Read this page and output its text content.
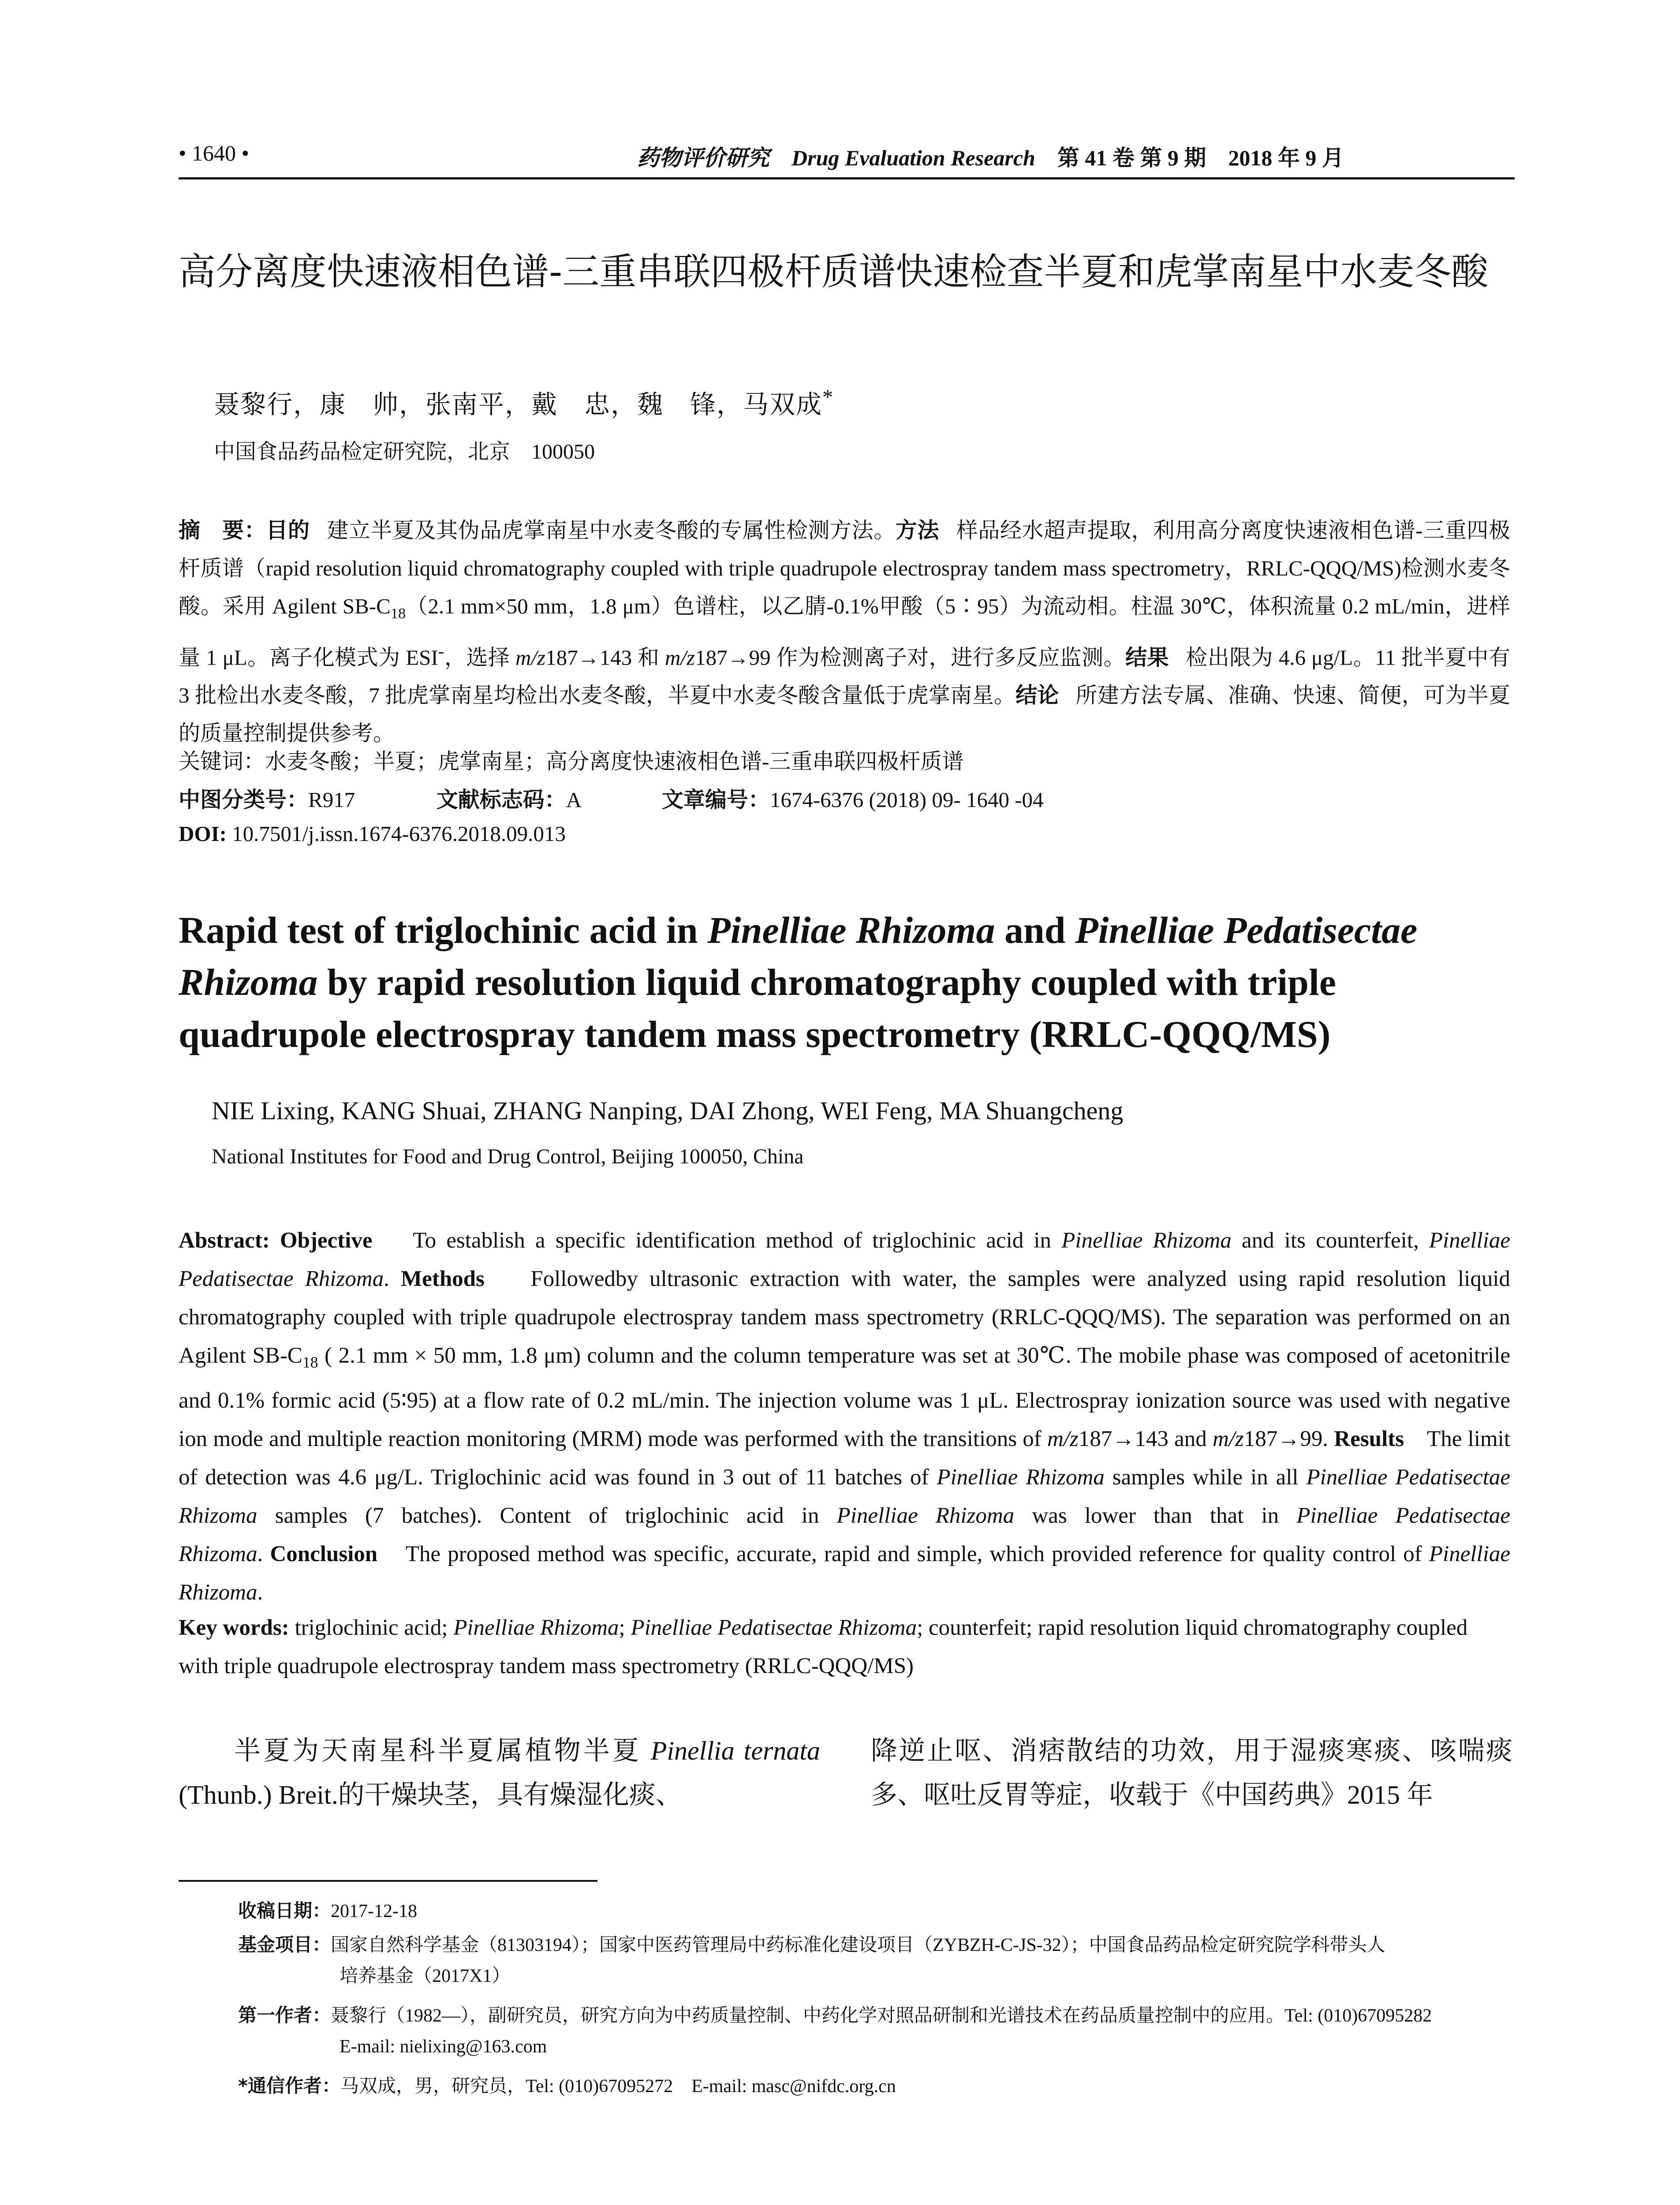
• 1640 •	药物评价研究 Drug Evaluation Research 第 41 卷 第 9 期　2018 年 9 月
高分离度快速液相色谱-三重串联四极杆质谱快速检查半夏和虎掌南星中水麦冬酸
聂黎行，康　帅，张南平，戴　忠，魏　锋，马双成*
中国食品药品检定研究院，北京　100050
摘　要：目的 建立半夏及其伪品虎掌南星中水麦冬酸的专属性检测方法。方法 样品经水超声提取，利用高分离度快速液相色谱-三重四极杆质谱（rapid resolution liquid chromatography coupled with triple quadrupole electrospray tandem mass spectrometry，RRLC-QQQ/MS)检测水麦冬酸。采用 Agilent $SB-C_{18}(2.1$ mm×50 mm，1.8 μm）色谱柱，以乙腈-0.1%甲酸（5∶95）为流动相。柱温 30℃，体积流量 0.2 mL/min，进样量 1 μL。离子化模式为 ESI-，选择 m/z187→143 和 m/z187→99 作为检测离子对，进行多反应监测。结果 检出限为 4.6 μg/L。11 批半夏中有 3 批检出水麦冬酸，7 批虎掌南星均检出水麦冬酸，半夏中水麦冬酸含量低于虎掌南星。结论 所建方法专属、准确、快速、简便，可为半夏的质量控制提供参考。
关键词：水麦冬酸；半夏；虎掌南星；高分离度快速液相色谱-三重串联四极杆质谱
中图分类号：R917	文献标志码：A	文章编号：1674-6376 (2018) 09- 1640 -04
DOI: 10.7501/j.issn.1674-6376.2018.09.013
Rapid test of triglochinic acid in Pinelliae Rhizoma and Pinelliae Pedatisectae Rhizoma by rapid resolution liquid chromatography coupled with triple quadrupole electrospray tandem mass spectrometry (RRLC-QQQ/MS)
NIE Lixing, KANG Shuai, ZHANG Nanping, DAI Zhong, WEI Feng, MA Shuangcheng
National Institutes for Food and Drug Control, Beijing 100050, China
Abstract: Objective To establish a specific identification method of triglochinic acid in Pinelliae Rhizoma and its counterfeit, Pinelliae Pedatisectae Rhizoma. Methods Followedby ultrasonic extraction with water, the samples were analyzed using rapid resolution liquid chromatography coupled with triple quadrupole electrospray tandem mass spectrometry (RRLC-QQQ/MS). The separation was performed on an Agilent $SB-C_{18}$ ( 2.1 mm × 50 mm, 1.8 μm) column and the column temperature was set at 30℃. The mobile phase was composed of acetonitrile and 0.1% formic acid (5∶95) at a flow rate of 0.2 mL/min. The injection volume was 1 μL. Electrospray ionization source was used with negative ion mode and multiple reaction monitoring (MRM) mode was performed with the transitions of m/z187→143 and m/z187→99. Results The limit of detection was 4.6 μg/L. Triglochinic acid was found in 3 out of 11 batches of Pinelliae Rhizoma samples while in all Pinelliae Pedatisectae Rhizoma samples (7 batches). Content of triglochinic acid in Pinelliae Rhizoma was lower than that in Pinelliae Pedatisectae Rhizoma. Conclusion The proposed method was specific, accurate, rapid and simple, which provided reference for quality control of Pinelliae Rhizoma.
Key words: triglochinic acid; Pinelliae Rhizoma; Pinelliae Pedatisectae Rhizoma; counterfeit; rapid resolution liquid chromatography coupled with triple quadrupole electrospray tandem mass spectrometry (RRLC-QQQ/MS)
半夏为天南星科半夏属植物半夏 Pinellia ternata (Thunb.) Breit.的干燥块茎，具有燥湿化痰、
降逆止呕、消痞散结的功效，用于湿痰寒痰、咳喘痰多、呕吐反胃等症，收载于《中国药典》2015 年
收稿日期：2017-12-18
基金项目：国家自然科学基金（81303194）；国家中医药管理局中药标准化建设项目（ZYBZH-C-JS-32）；中国食品药品检定研究院学科带头人
培养基金（2017X1）
第一作者：聂黎行（1982—），副研究员，研究方向为中药质量控制、中药化学对照品研制和光谱技术在药品质量控制中的应用。Tel: (010)67095282
E-mail: nielixing@163.com
*通信作者：马双成，男，研究员，Tel: (010)67095272　E-mail: masc@nifdc.org.cn
